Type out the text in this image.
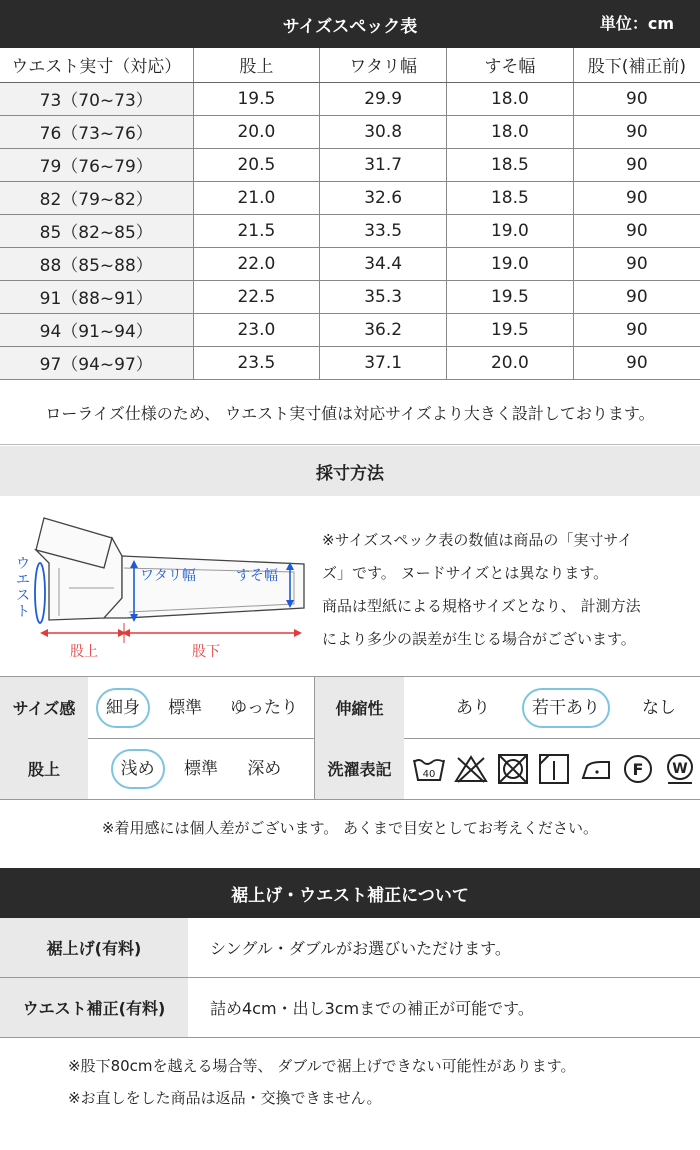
サイズスペック表	単位：cm
ウエスト実寸（対応）	股上	ワタリ幅	すそ幅	股下(補正前)
73（70~73）	19.5	29.9	18.0	90
76（73~76）	20.0	30.8	18.0	90
79（76~79）	20.5	31.7	18.5	90
82（79~82）	21.0	32.6	18.5	90
85（82~85）	21.5	33.5	19.0	90
88（85~88）	22.0	34.4	19.0	90
91（88~91）	22.5	35.3	19.5	90
94（91~94）	23.0	36.2	19.5	90
97（94~97）	23.5	37.1	20.0	90
ローライズ仕様のため、 ウエスト実寸値は対応サイズより大きく設計しております。
採寸方法
ウエスト
ワタリ幅	すそ幅
股上	股下
※サイズスペック表の数値は商品の「実寸サイ
ズ」です。 ヌードサイズとは異なります。
商品は型紙による規格サイズとなり、 計測方法
により多少の誤差が生じる場合がございます。
サイズ感	細身	標準	ゆったり	伸縮性	あり	若干あり	なし
股上	浅め	標準	深め	洗濯表記	40	F W
※着用感には個人差がございます。 あくまで目安としてお考えください。
裾上げ・ウエスト補正について
裾上げ(有料)	シングル・ダブルがお選びいただけます。
ウエスト補正(有料)	詰め4cm・出し3cmまでの補正が可能です。
※股下80cmを越える場合等、 ダブルで裾上げできない可能性があります。
※お直しをした商品は返品・交換できません。
